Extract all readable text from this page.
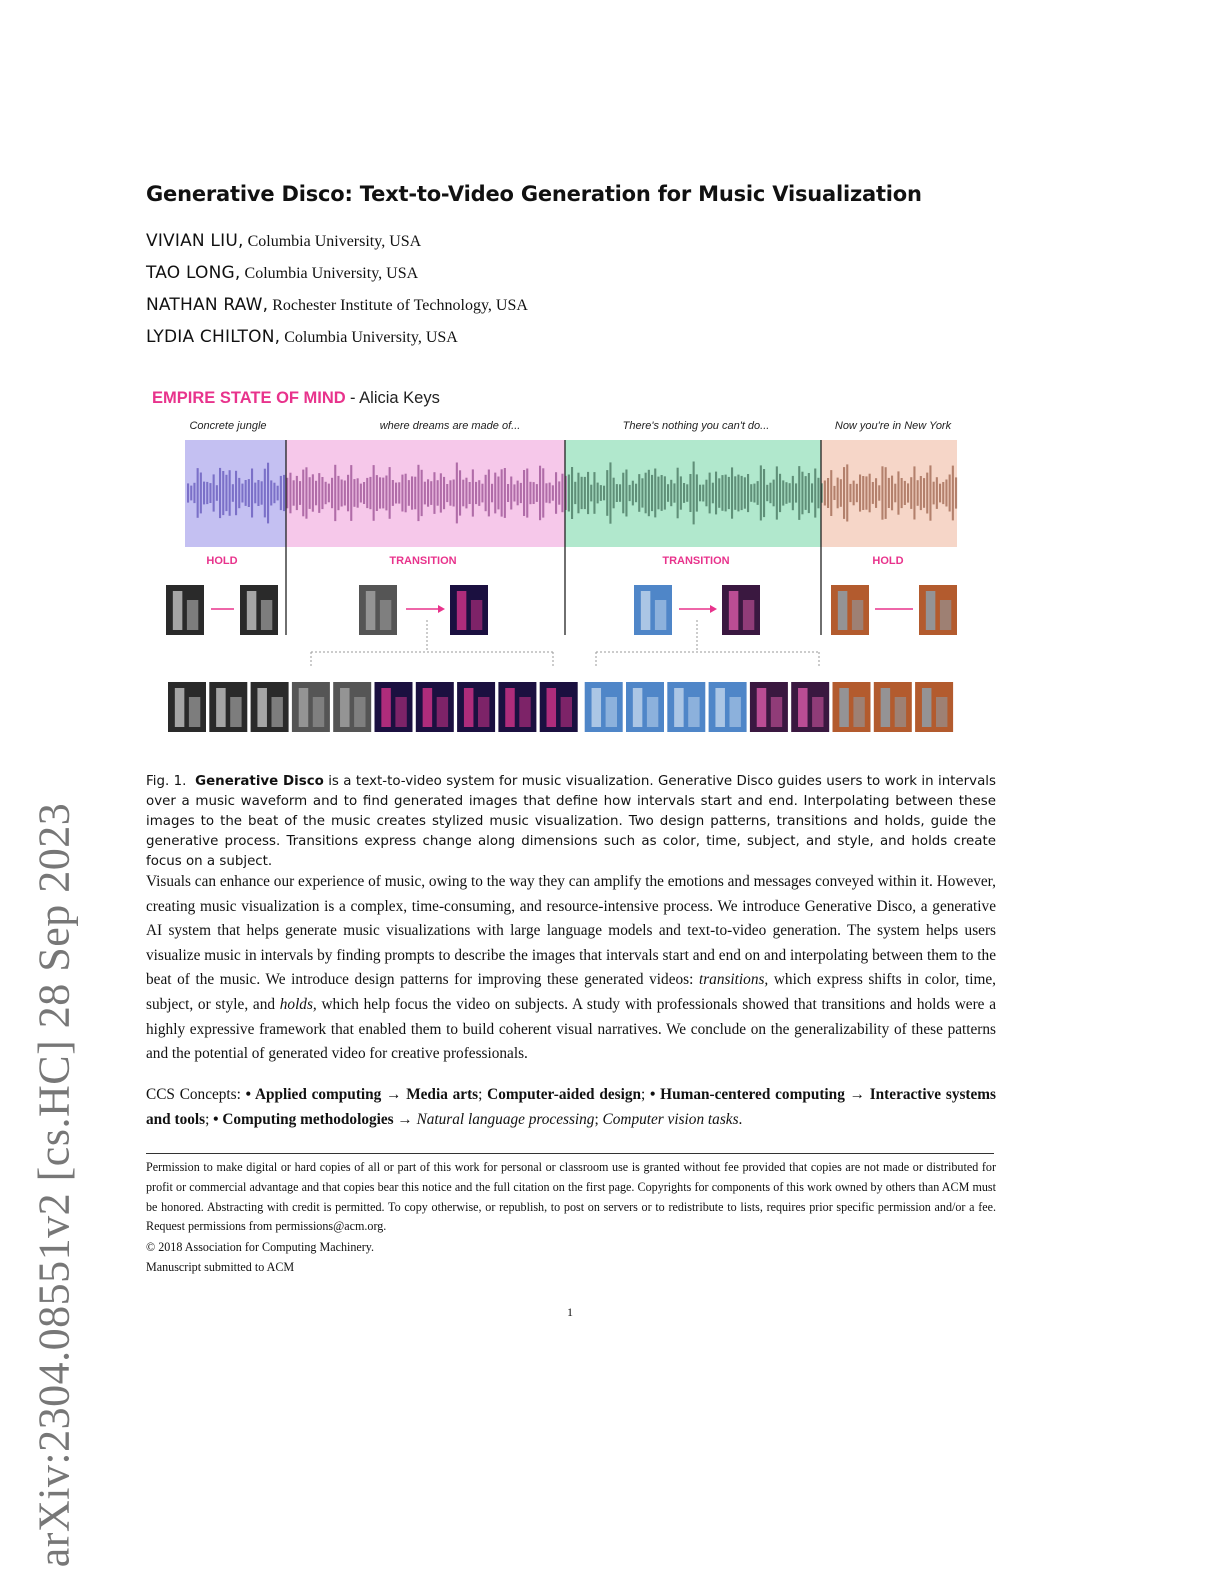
arXiv:2304.08551v2 [cs.HC] 28 Sep 2023
Generative Disco: Text-to-Video Generation for Music Visualization
VIVIAN LIU, Columbia University, USA
TAO LONG, Columbia University, USA
NATHAN RAW, Rochester Institute of Technology, USA
LYDIA CHILTON, Columbia University, USA
EMPIRE STATE OF MIND - Alicia Keys
Concrete jungle	where dreams are made of...	There's nothing you can't do...	Now you're in New York
HOLD	TRANSITION	TRANSITION	HOLD
Fig. 1. Generative Disco is a text-to-video system for music visualization. Generative Disco guides users to work in intervals over a music waveform and to find generated images that define how intervals start and end. Interpolating between these images to the beat of the music creates stylized music visualization. Two design patterns, transitions and holds, guide the generative process. Transitions express change along dimensions such as color, time, subject, and style, and holds create focus on a subject.
Visuals can enhance our experience of music, owing to the way they can amplify the emotions and messages conveyed within it. However, creating music visualization is a complex, time-consuming, and resource-intensive process. We introduce Generative Disco, a generative AI system that helps generate music visualizations with large language models and text-to-video generation. The system helps users visualize music in intervals by finding prompts to describe the images that intervals start and end on and interpolating between them to the beat of the music. We introduce design patterns for improving these generated videos: transitions, which express shifts in color, time, subject, or style, and holds, which help focus the video on subjects. A study with professionals showed that transitions and holds were a highly expressive framework that enabled them to build coherent visual narratives. We conclude on the generalizability of these patterns and the potential of generated video for creative professionals.
CCS Concepts: • Applied computing → Media arts; Computer-aided design; • Human-centered computing → Interactive systems and tools; • Computing methodologies → Natural language processing; Computer vision tasks.
Permission to make digital or hard copies of all or part of this work for personal or classroom use is granted without fee provided that copies are not made or distributed for profit or commercial advantage and that copies bear this notice and the full citation on the first page. Copyrights for components of this work owned by others than ACM must be honored. Abstracting with credit is permitted. To copy otherwise, or republish, to post on servers or to redistribute to lists, requires prior specific permission and/or a fee. Request permissions from permissions@acm.org.
© 2018 Association for Computing Machinery.
Manuscript submitted to ACM
1
